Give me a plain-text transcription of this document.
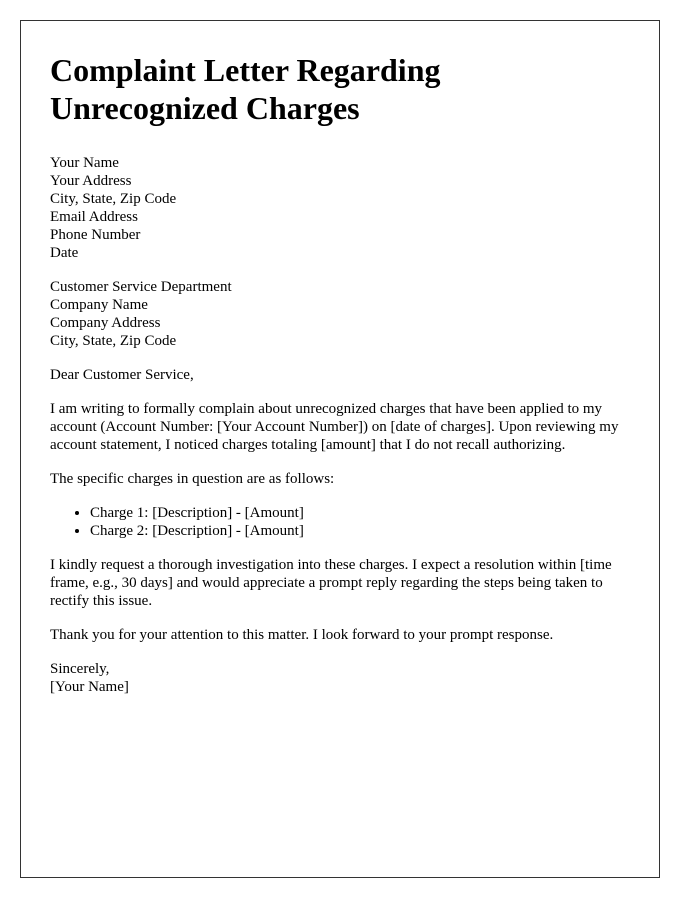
Complaint Letter Regarding Unrecognized Charges
Your Name
Your Address
City, State, Zip Code
Email Address
Phone Number
Date
Customer Service Department
Company Name
Company Address
City, State, Zip Code

Dear Customer Service,

I am writing to formally complain about unrecognized charges that have been applied to my account (Account Number: [Your Account Number]) on [date of charges]. Upon reviewing my account statement, I noticed charges totaling [amount] that I do not recall authorizing.

The specific charges in question are as follows:

• Charge 1: [Description] - [Amount]
• Charge 2: [Description] - [Amount]

I kindly request a thorough investigation into these charges. I expect a resolution within [time frame, e.g., 30 days] and would appreciate a prompt reply regarding the steps being taken to rectify this issue.

Thank you for your attention to this matter. I look forward to your prompt response.

Sincerely,
[Your Name]
